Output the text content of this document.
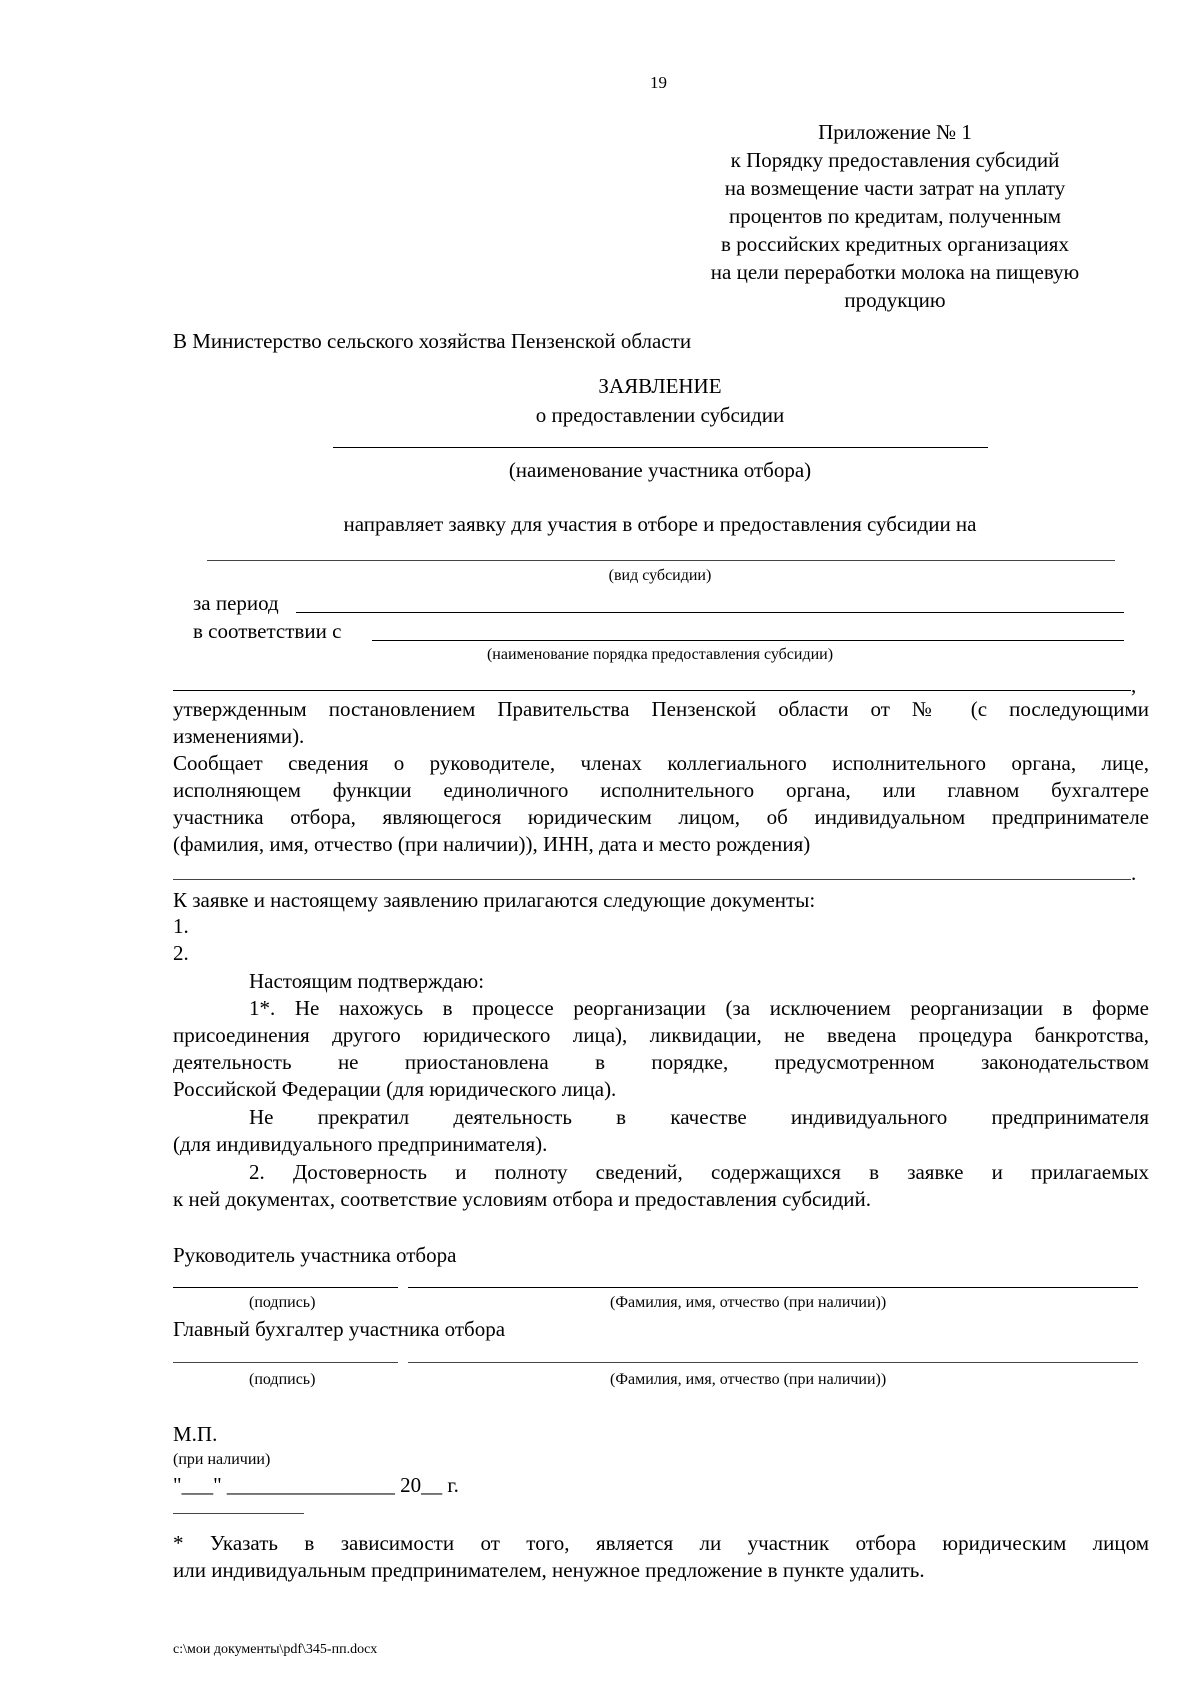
19
Приложение № 1
к Порядку предоставления субсидий
на возмещение части затрат на уплату
процентов по кредитам, полученным
в российских кредитных организациях
на цели переработки молока на пищевую
продукцию
В Министерство сельского хозяйства Пензенской области
ЗАЯВЛЕНИЕ
о предоставлении субсидии
(наименование участника отбора)
направляет заявку для участия в отборе и предоставления субсидии на
(вид субсидии)
за период
в соответствии с
(наименование порядка предоставления субсидии)
,
утвержденным постановлением Правительства Пензенской области от № (с последующими
изменениями).
Сообщает сведения о руководителе, членах коллегиального исполнительного органа, лице,
исполняющем функции единоличного исполнительного органа, или главном бухгалтере
участника отбора, являющегося юридическим лицом, об индивидуальном предпринимателе
(фамилия, имя, отчество (при наличии)), ИНН, дата и место рождения)
.
К заявке и настоящему заявлению прилагаются следующие документы:
1.
2.
Настоящим подтверждаю:
1*. Не нахожусь в процессе реорганизации (за исключением реорганизации в форме
присоединения другого юридического лица), ликвидации, не введена процедура банкротства,
деятельность не приостановлена в порядке, предусмотренном законодательством
Российской Федерации (для юридического лица).
Не прекратил деятельность в качестве индивидуального предпринимателя
(для индивидуального предпринимателя).
2. Достоверность и полноту сведений, содержащихся в заявке и прилагаемых
к ней документах, соответствие условиям отбора и предоставления субсидий.
Руководитель участника отбора
(подпись)	(Фамилия, имя, отчество (при наличии))
Главный бухгалтер участника отбора
(подпись)	(Фамилия, имя, отчество (при наличии))
М.П.
(при наличии)
"___" ________________ 20__ г.
* Указать в зависимости от того, является ли участник отбора юридическим лицом
или индивидуальным предпринимателем, ненужное предложение в пункте удалить.
c:\мои документы\pdf\345-пп.docx
